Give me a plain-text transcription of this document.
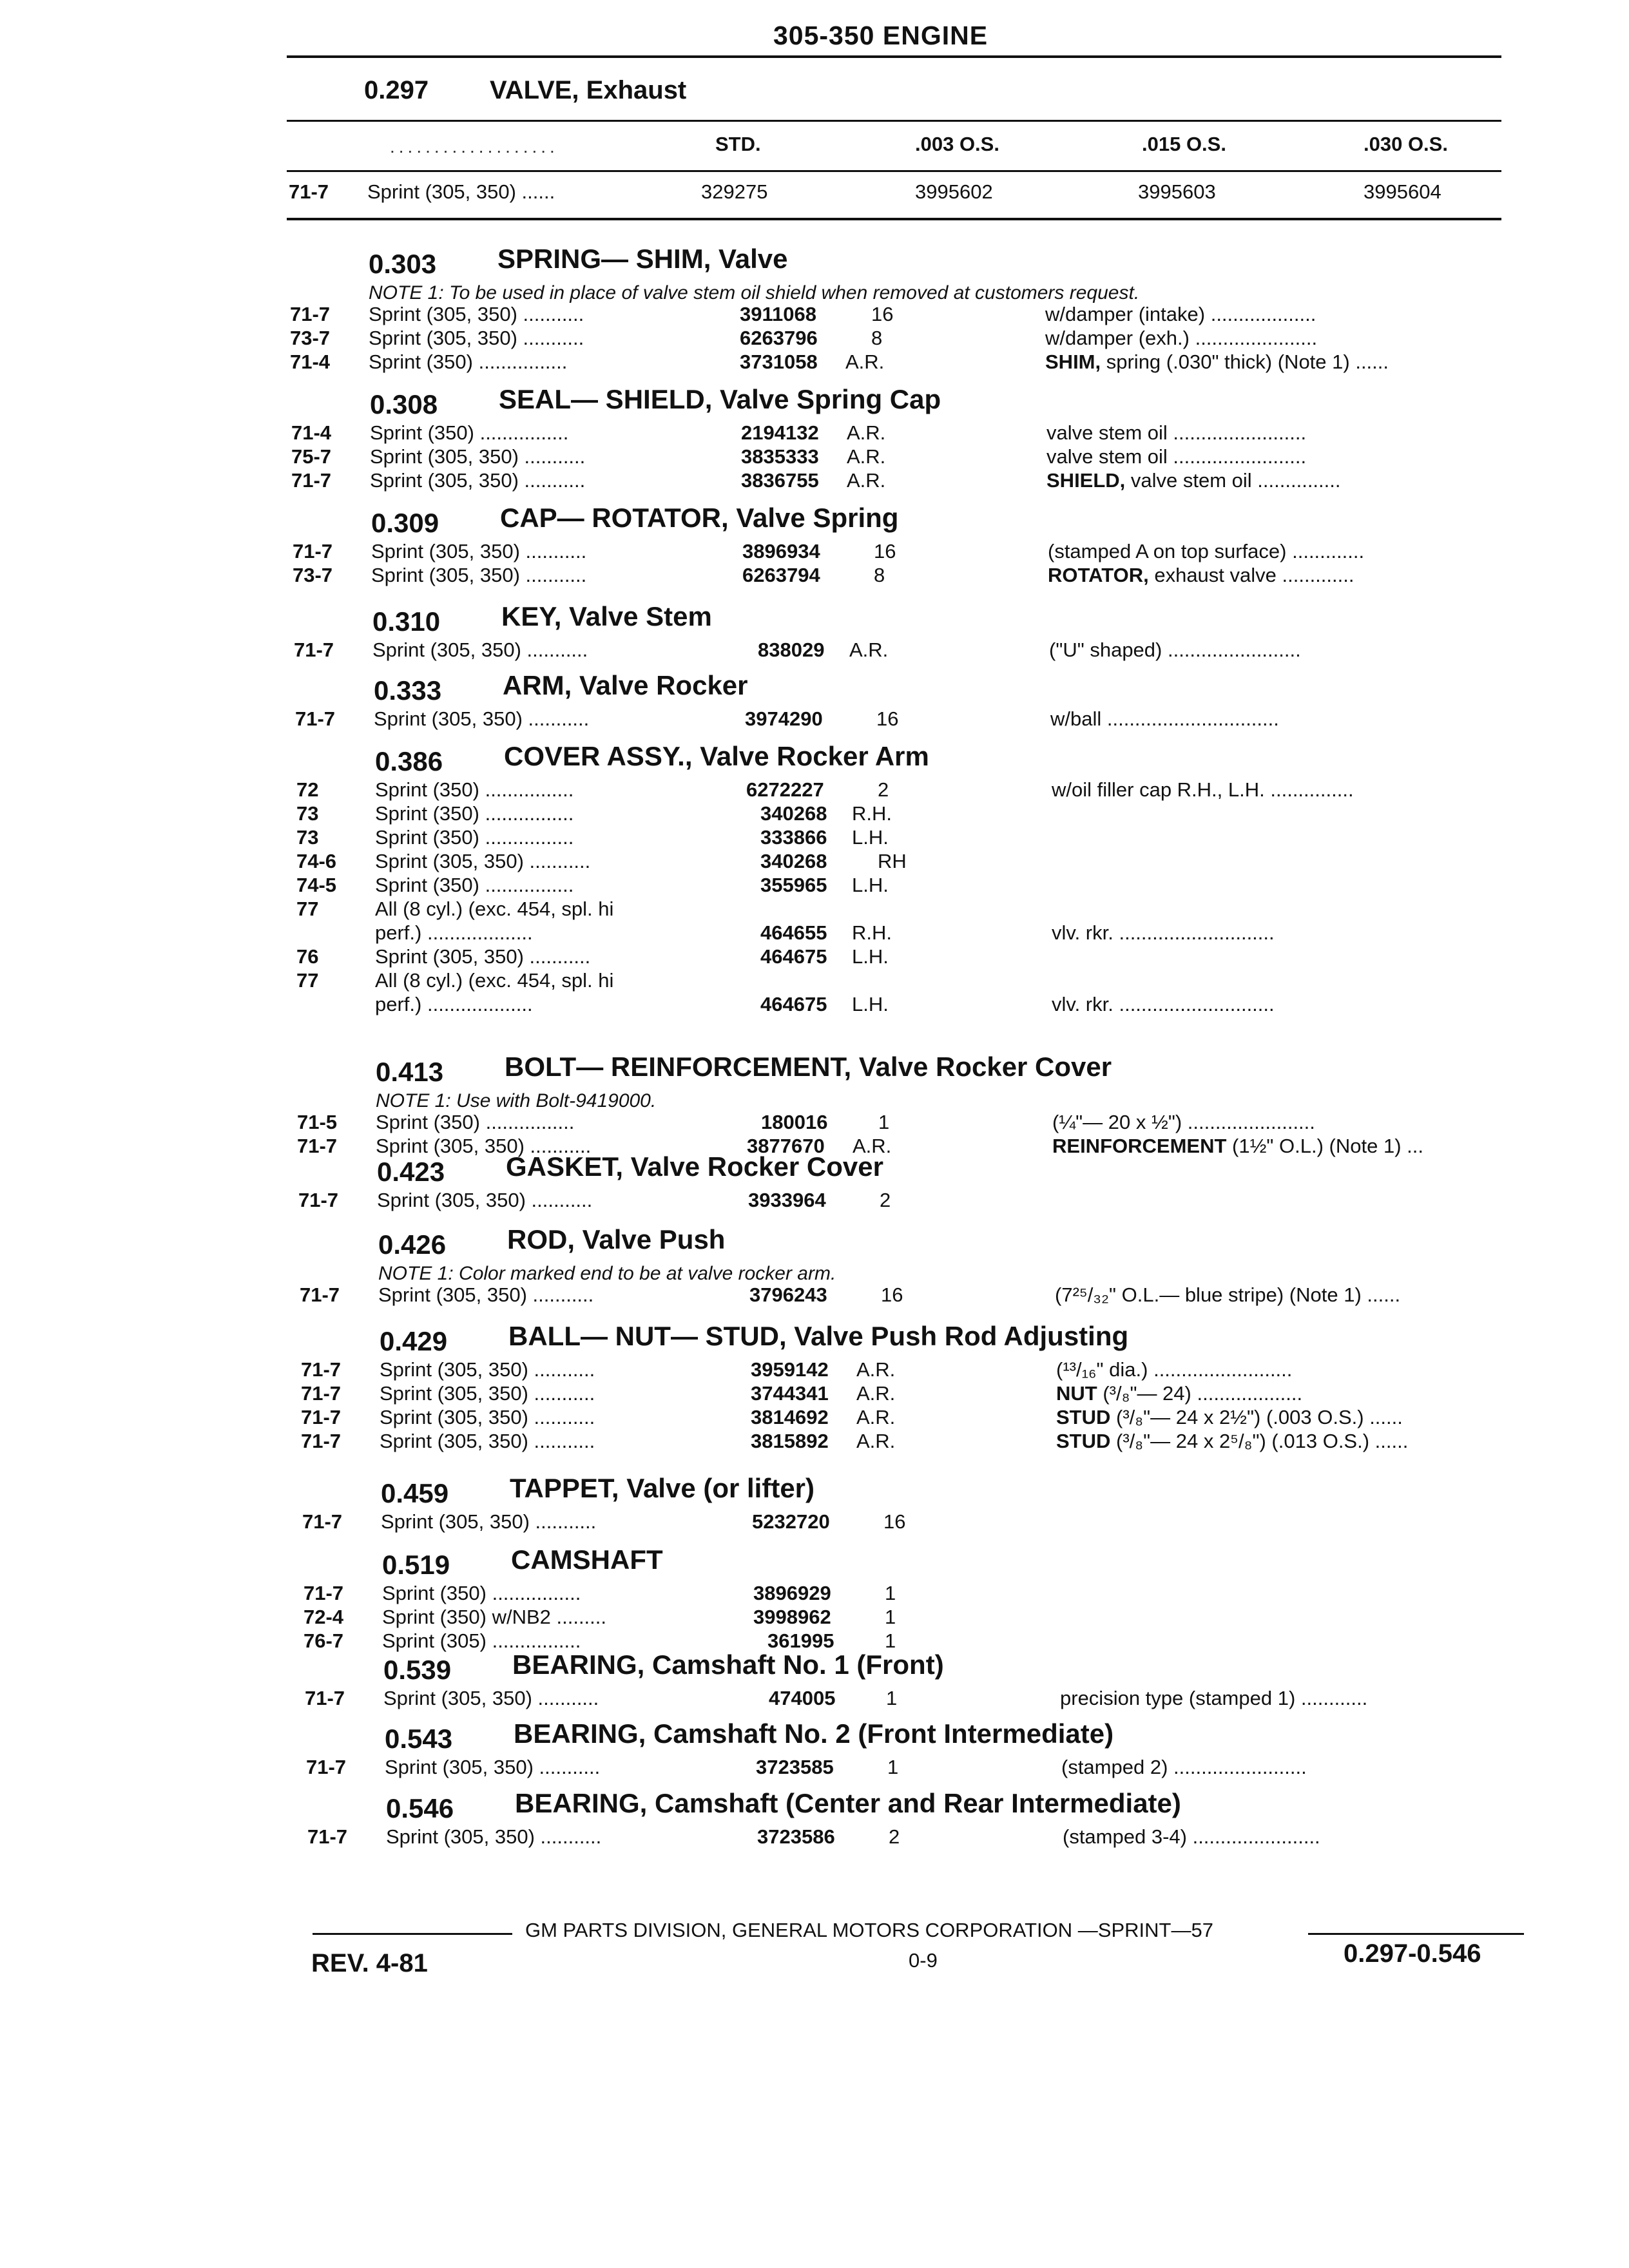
305-350 ENGINE
0.297 VALVE, Exhaust
...................	STD.	.003 O.S.	.015 O.S.	.030 O.S.
71-7 Sprint (305, 350) ......	329275	3995602	3995603	3995604
0.303 SPRING— SHIM, Valve
NOTE 1: To be used in place of valve stem oil shield when removed at customers request.
71-7 Sprint (305, 350) ...........	3911068	16	w/damper (intake) ...................
73-7 Sprint (305, 350) ...........	6263796	8	w/damper (exh.) ......................
71-4 Sprint (350) ................	3731058 A.R.	SHIM, spring (.030" thick) (Note 1) ......
0.308 SEAL— SHIELD, Valve Spring Cap
71-4 Sprint (350) ................	2194132 A.R.	valve stem oil ........................
75-7 Sprint (305, 350) ...........	3835333 A.R.	valve stem oil ........................
71-7 Sprint (305, 350) ...........	3836755 A.R.	SHIELD, valve stem oil ...............
0.309 CAP— ROTATOR, Valve Spring
71-7 Sprint (305, 350) ...........	3896934	16	(stamped A on top surface) .............
73-7 Sprint (305, 350) ...........	6263794	8	ROTATOR, exhaust valve .............
0.310 KEY, Valve Stem
71-7 Sprint (305, 350) ...........	838029 A.R.	("U" shaped) ........................
0.333 ARM, Valve Rocker
71-7 Sprint (305, 350) ...........	3974290	16	w/ball ...............................
0.386 COVER ASSY., Valve Rocker Arm
72	Sprint (350) ................	6272227	2	w/oil filler cap R.H., L.H. ...............
73	Sprint (350) ................	340268 R.H.
73	Sprint (350) ................	333866 L.H.
74-6 Sprint (305, 350) ...........	340268	RH
74-5 Sprint (350) ................	355965 L.H.
77	All (8 cyl.) (exc. 454, spl. hi
perf.) ...................	464655 R.H.	vlv. rkr. ............................
76	Sprint (305, 350) ...........	464675 L.H.
77	All (8 cyl.) (exc. 454, spl. hi
perf.) ...................	464675 L.H.	vlv. rkr. ............................
0.413 BOLT— REINFORCEMENT, Valve Rocker Cover
NOTE 1: Use with Bolt-9419000.
71-5 Sprint (350) ................	180016	1	(¼"— 20 x ½") .......................
71-7 Sprint (305, 350) ...........	3877670 A.R.	REINFORCEMENT (1½" O.L.) (Note 1) ...
0.423 GASKET, Valve Rocker Cover
71-7 Sprint (305, 350) ...........	3933964	2
0.426 ROD, Valve Push
NOTE 1: Color marked end to be at valve rocker arm.
71-7 Sprint (305, 350) ...........	3796243	16	(7²⁵/₃₂" O.L.— blue stripe) (Note 1) ......
0.429 BALL— NUT— STUD, Valve Push Rod Adjusting
71-7 Sprint (305, 350) ...........	3959142 A.R.	(¹³/₁₆" dia.) .........................
71-7 Sprint (305, 350) ...........	3744341 A.R.	NUT (³/₈"— 24) ...................
71-7 Sprint (305, 350) ...........	3814692 A.R.	STUD (³/₈"— 24 x 2½") (.003 O.S.) ......
71-7 Sprint (305, 350) ...........	3815892 A.R.	STUD (³/₈"— 24 x 2⁵/₈") (.013 O.S.) ......
0.459 TAPPET, Valve (or lifter)
71-7 Sprint (305, 350) ...........	5232720	16
0.519 CAMSHAFT
71-7 Sprint (350) ................	3896929	1
72-4 Sprint (350) w/NB2 .........	3998962	1
76-7 Sprint (305) ................	361995	1
0.539 BEARING, Camshaft No. 1 (Front)
71-7 Sprint (305, 350) ...........	474005	1	precision type (stamped 1) ............
0.543 BEARING, Camshaft No. 2 (Front Intermediate)
71-7 Sprint (305, 350) ...........	3723585	1	(stamped 2) ........................
0.546 BEARING, Camshaft (Center and Rear Intermediate)
71-7 Sprint (305, 350) ...........	3723586	2	(stamped 3-4) .......................
GM PARTS DIVISION, GENERAL MOTORS CORPORATION —SPRINT—57
REV. 4-81	0-9	0.297-0.546
